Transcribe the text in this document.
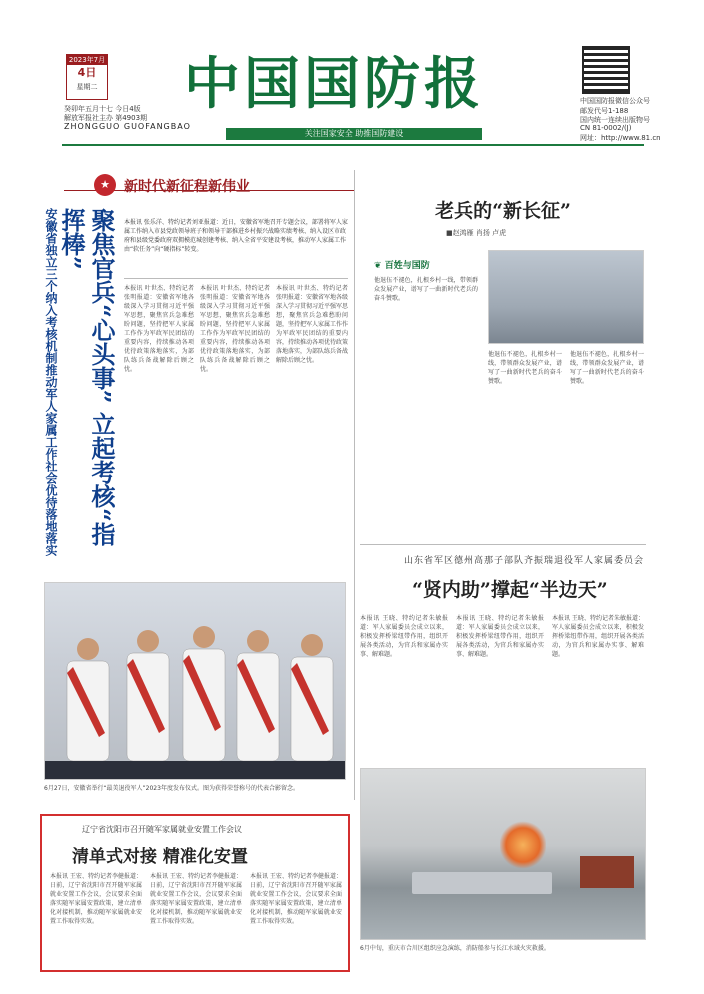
2023年7月
4日
星期二
癸卯年五月十七 今日4版
解放军报社主办 第4903期
ZHONGGUO GUOFANGBAO
中国国防报
关注国家安全 助推国防建设
中国国防报微信公众号
邮发代号1-188
国内统一连续出版物号
CN 81-0002/(J)
网址：http://www.81.cn
★	新时代新征程新伟业
安徽省独立三个纳入考核机制推动军人家属工作社会优待落地落实	聚焦官兵“心头事” 立起考核“指挥棒”	本报讯 张乐洋、特约记者刘亚报道：近日，安徽省军地召开专题会议，部署将军人家属工作纳入市县党政领导班子和领导干部推进乡村振兴战略实绩考核、纳入设区市政府和县级党委政府双拥模范城创建考核、纳入全省平安建设考核，推动军人家属工作由“软任务”向“硬指标”转变。
本报讯 叶世杰、特约记者张明报道：安徽省军地各级深入学习贯彻习近平强军思想，聚焦官兵急难愁盼问题，坚持把军人家属工作作为军政军民团结的重要内容，持续推动各项优待政策落地落实，为部队练兵备战解除后顾之忧。
本报讯 叶世杰、特约记者张明报道：安徽省军地各级深入学习贯彻习近平强军思想，聚焦官兵急难愁盼问题，坚持把军人家属工作作为军政军民团结的重要内容，持续推动各项优待政策落地落实，为部队练兵备战解除后顾之忧。
本报讯 叶世杰、特约记者张明报道：安徽省军地各级深入学习贯彻习近平强军思想，聚焦官兵急难愁盼问题，坚持把军人家属工作作为军政军民团结的重要内容，持续推动各项优待政策落地落实，为部队练兵备战解除后顾之忧。
6月27日，安徽省举行“最美退役军人”2023年度发布仪式。图为获得荣誉称号的代表合影留念。
老兵的“新长征”
■赵鸿雁 肖扬 卢虎
❦ 百姓与国防
他退伍不褪色，扎根乡村一线，带领群众发展产业，谱写了一曲新时代老兵的奋斗赞歌。
他退伍不褪色，扎根乡村一线，带领群众发展产业，谱写了一曲新时代老兵的奋斗赞歌。
他退伍不褪色，扎根乡村一线，带领群众发展产业，谱写了一曲新时代老兵的奋斗赞歌。
山东省军区德州高那子部队齐振瑞退役军人家属委员会
“贤内助”撑起“半边天”
本报讯 王晓、特约记者朱敏报道：军人家属委员会成立以来，积极发挥桥梁纽带作用，组织开展各类活动，为官兵和家属办实事、解难题。
本报讯 王晓、特约记者朱敏报道：军人家属委员会成立以来，积极发挥桥梁纽带作用，组织开展各类活动，为官兵和家属办实事、解难题。
本报讯 王晓、特约记者朱敏报道：军人家属委员会成立以来，积极发挥桥梁纽带作用，组织开展各类活动，为官兵和家属办实事、解难题。
6月中旬，重庆市合川区组织应急演练，消防船参与长江水域火灾救援。
辽宁省沈阳市召开随军家属就业安置工作会议
清单式对接 精准化安置
本报讯 王宏、特约记者李健报道：日前，辽宁省沈阳市召开随军家属就业安置工作会议，会议要求全面落实随军家属安置政策，建立清单化对接机制，推动随军家属就业安置工作取得实效。
本报讯 王宏、特约记者李健报道：日前，辽宁省沈阳市召开随军家属就业安置工作会议，会议要求全面落实随军家属安置政策，建立清单化对接机制，推动随军家属就业安置工作取得实效。
本报讯 王宏、特约记者李健报道：日前，辽宁省沈阳市召开随军家属就业安置工作会议，会议要求全面落实随军家属安置政策，建立清单化对接机制，推动随军家属就业安置工作取得实效。
